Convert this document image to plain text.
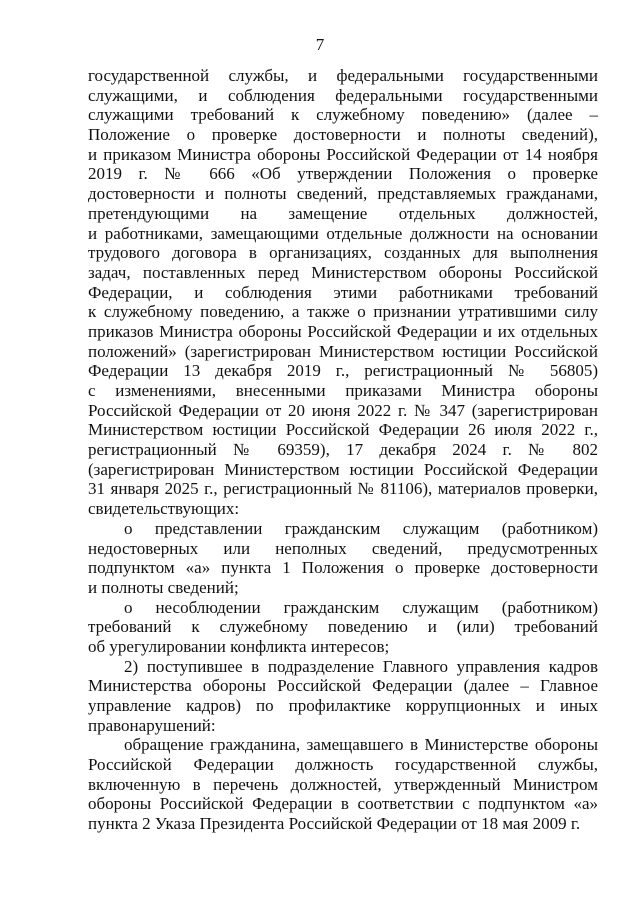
7
государственной службы, и федеральными государственными
служащими, и соблюдения федеральными государственными
служащими требований к служебному поведению» (далее –
Положение о проверке достоверности и полноты сведений),
и приказом Министра обороны Российской Федерации от 14 ноября
2019 г. № 666 «Об утверждении Положения о проверке
достоверности и полноты сведений, представляемых гражданами,
претендующими на замещение отдельных должностей,
и работниками, замещающими отдельные должности на основании
трудового договора в организациях, созданных для выполнения
задач, поставленных перед Министерством обороны Российской
Федерации, и соблюдения этими работниками требований
к служебному поведению, а также о признании утратившими силу
приказов Министра обороны Российской Федерации и их отдельных
положений» (зарегистрирован Министерством юстиции Российской
Федерации 13 декабря 2019 г., регистрационный № 56805)
с изменениями, внесенными приказами Министра обороны
Российской Федерации от 20 июня 2022 г. № 347 (зарегистрирован
Министерством юстиции Российской Федерации 26 июля 2022 г.,
регистрационный № 69359), 17 декабря 2024 г. № 802
(зарегистрирован Министерством юстиции Российской Федерации
31 января 2025 г., регистрационный № 81106), материалов проверки,
свидетельствующих:
о представлении гражданским служащим (работником)
недостоверных или неполных сведений, предусмотренных
подпунктом «а» пункта 1 Положения о проверке достоверности
и полноты сведений;
о несоблюдении гражданским служащим (работником)
требований к служебному поведению и (или) требований
об урегулировании конфликта интересов;
2) поступившее в подразделение Главного управления кадров
Министерства обороны Российской Федерации (далее – Главное
управление кадров) по профилактике коррупционных и иных
правонарушений:
обращение гражданина, замещавшего в Министерстве обороны
Российской Федерации должность государственной службы,
включенную в перечень должностей, утвержденный Министром
обороны Российской Федерации в соответствии с подпунктом «а»
пункта 2 Указа Президента Российской Федерации от 18 мая 2009 г.
